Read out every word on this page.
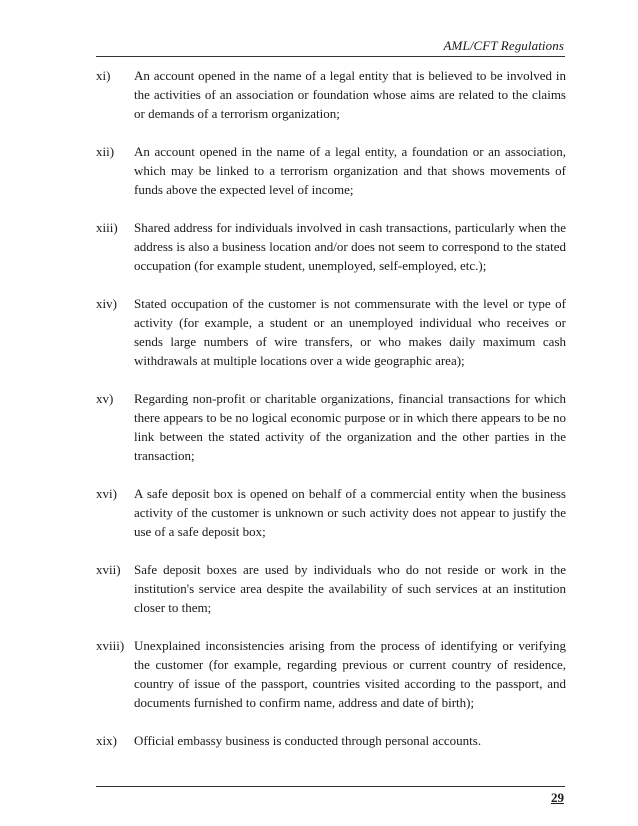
AML/CFT Regulations
xi)	An account opened in the name of a legal entity that is believed to be involved in the activities of an association or foundation whose aims are related to the claims or demands of a terrorism organization;
xii)	An account opened in the name of a legal entity, a foundation or an association, which may be linked to a terrorism organization and that shows movements of funds above the expected level of income;
xiii)	Shared address for individuals involved in cash transactions, particularly when the address is also a business location and/or does not seem to correspond to the stated occupation (for example student, unemployed, self-employed, etc.);
xiv)	Stated occupation of the customer is not commensurate with the level or type of activity (for example, a student or an unemployed individual who receives or sends large numbers of wire transfers, or who makes daily maximum cash withdrawals at multiple locations over a wide geographic area);
xv)	Regarding non-profit or charitable organizations, financial transactions for which there appears to be no logical economic purpose or in which there appears to be no link between the stated activity of the organization and the other parties in the transaction;
xvi)	A safe deposit box is opened on behalf of a commercial entity when the business activity of the customer is unknown or such activity does not appear to justify the use of a safe deposit box;
xvii)	Safe deposit boxes are used by individuals who do not reside or work in the institution's service area despite the availability of such services at an institution closer to them;
xviii) Unexplained inconsistencies arising from the process of identifying or verifying the customer (for example, regarding previous or current country of residence, country of issue of the passport, countries visited according to the passport, and documents furnished to confirm name, address and date of birth);
xix)	Official embassy business is conducted through personal accounts.
29
